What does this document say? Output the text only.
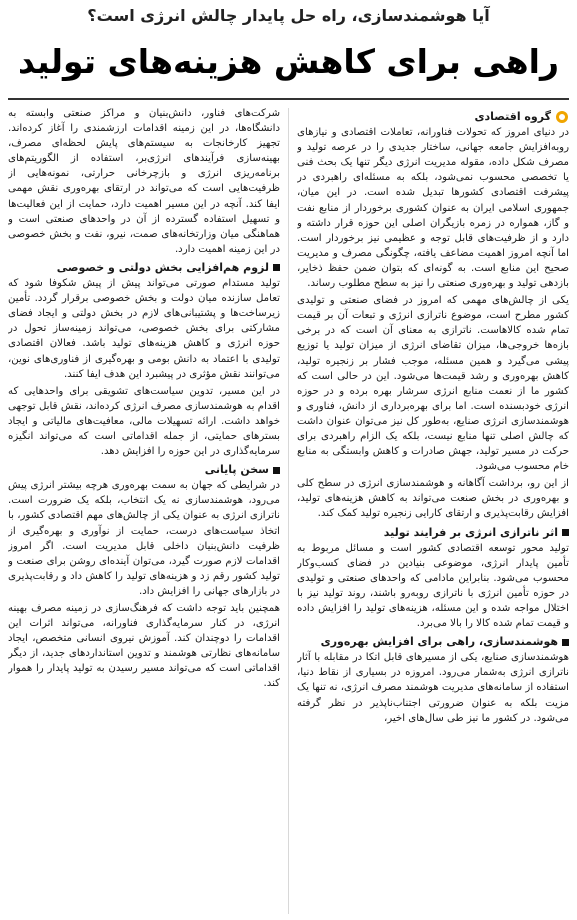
آیا هوشمندسازی، راه حل پایدار چالش انرژی است؟
راهی برای کاهش هزینه‌های تولید
گروه اقتصادی

در دنیای امروز که تحولات فناورانه، تعاملات اقتصادی و نیازهای روبه‌افزایش جامعه جهانی، ساختار جدیدی را در عرصه تولید و مصرف شکل داده، مقوله مدیریت انرژی دیگر تنها یک بحث فنی یا تخصصی محسوب نمی‌شود، بلکه به مسئله‌ای راهبردی در پیشرفت اقتصادی کشورها تبدیل شده است. در این میان، جمهوری اسلامی ایران به عنوان کشوری برخوردار از منابع نفت و گاز، همواره در زمره بازیگران اصلی این حوزه قرار داشته و دارد و از ظرفیت‌های قابل توجه و عظیمی نیز برخوردار است. اما آنچه امروز اهمیت مضاعف یافته، چگونگی مصرف و مدیریت صحیح این منابع است. به گونه‌ای که بتوان ضمن حفظ ذخایر، بازدهی تولید و بهره‌وری صنعتی را نیز به سطح مطلوب رساند.

یکی از چالش‌های مهمی که امروز در فضای صنعتی و تولیدی کشور مطرح است، موضوع ناترازی انرژی و تبعات آن بر قیمت تمام شده کالاهاست. ناترازی به معنای آن است که در برخی بازه‌ها خروجی‌ها، میزان تقاضای انرژی از میزان تولید یا توزیع پیشی می‌گیرد و همین مسئله، موجب فشار بر زنجیره تولید، کاهش بهره‌وری و رشد قیمت‌ها می‌شود. این در حالی است که کشور ما از نعمت منابع انرژی سرشار بهره برده و در حوزه انرژی خودبسنده است. اما برای بهره‌برداری از دانش، فناوری و هوشمندسازی انرژی صنایع، به‌طور کل نیز می‌توان عنوان داشت که چالش اصلی تنها منابع نیست، بلکه یک الزام راهبردی برای حرکت در مسیر تولید، جهش صادرات و کاهش وابستگی به منابع خام محسوب می‌شود.

از این رو، برداشت آگاهانه و هوشمندسازی انرژی در سطح کلی و بهره‌وری در بخش صنعت می‌تواند به کاهش هزینه‌های تولید، افزایش رقابت‌پذیری و ارتقای کارایی زنجیره تولید کمک کند.

اثر ناترازی انرژی بر فرایند تولید

تولید محور توسعه اقتصادی کشور است و مسائل مربوط به تأمین پایدار انرژی، موضوعی بنیادین در فضای کسب‌وکار محسوب می‌شود. بنابراین مادامی که واحدهای صنعتی و تولیدی در حوزه تأمین انرژی با ناترازی روبه‌رو باشند، روند تولید نیز با اختلال مواجه شده و این مسئله، هزینه‌های تولید را افزایش داده و قیمت تمام شده کالا را بالا می‌برد.

هوشمندسازی، راهی برای افزایش بهره‌وری

هوشمندسازی صنایع، یکی از مسیرهای قابل اتکا در مقابله با آثار ناترازی انرژی به‌شمار می‌رود. امروزه در بسیاری از نقاط دنیا، استفاده از سامانه‌های مدیریت هوشمند مصرف انرژی، نه تنها یک مزیت بلکه به عنوان ضرورتی اجتناب‌ناپذیر در نظر گرفته می‌شود. در کشور ما نیز طی سال‌های اخیر،

شرکت‌های فناور، دانش‌بنیان و مراکز صنعتی وابسته به دانشگاه‌ها، در این زمینه اقدامات ارزشمندی را آغاز کرده‌اند. تجهیز کارخانجات به سیستم‌های پایش لحظه‌ای مصرف، بهینه‌سازی فرآیندهای انرژی‌بر، استفاده از الگوریتم‌های برنامه‌ریزی انرژی و بازچرخانی حرارتی، نمونه‌هایی از ظرفیت‌هایی است که می‌تواند در ارتقای بهره‌وری نقش مهمی ایفا کند. آنچه در این مسیر اهمیت دارد، حمایت از این فعالیت‌ها و تسهیل استفاده گسترده از آن در واحدهای صنعتی است و هماهنگی میان وزارتخانه‌های صمت، نیرو، نفت و بخش خصوصی در این زمینه اهمیت دارد.

لزوم هم‌افزایی بخش دولتی و خصوصی

تولید مستدام صورتی می‌تواند پیش از پیش شکوفا شود که تعامل سازنده میان دولت و بخش خصوصی برقرار گردد. تأمین زیرساخت‌ها و پشتیبانی‌های لازم در بخش دولتی و ایجاد فضای مشارکتی برای بخش خصوصی، می‌تواند زمینه‌ساز تحول در حوزه انرژی و کاهش هزینه‌های تولید باشد. فعالان اقتصادی تولیدی با اعتماد به دانش بومی و بهره‌گیری از فناوری‌های نوین، می‌توانند نقش مؤثری در پیشبرد این هدف ایفا کنند.

در این مسیر، تدوین سیاست‌های تشویقی برای واحدهایی که اقدام به هوشمندسازی مصرف انرژی کرده‌اند، نقش قابل توجهی خواهد داشت. ارائه تسهیلات مالی، معافیت‌های مالیاتی و ایجاد بسترهای حمایتی، از جمله اقداماتی است که می‌تواند انگیزه سرمایه‌گذاری در این حوزه را افزایش دهد.

سخن پایانی

در شرایطی که جهان به سمت بهره‌وری هرچه بیشتر انرژی پیش می‌رود، هوشمندسازی نه یک انتخاب، بلکه یک ضرورت است. ناترازی انرژی به عنوان یکی از چالش‌های مهم اقتصادی کشور، با اتخاذ سیاست‌های درست، حمایت از نوآوری و بهره‌گیری از ظرفیت دانش‌بنیان داخلی قابل مدیریت است. اگر امروز اقدامات لازم صورت گیرد، می‌توان آینده‌ای روشن برای صنعت و تولید کشور رقم زد و هزینه‌های تولید را کاهش داد و رقابت‌پذیری در بازارهای جهانی را افزایش داد.

همچنین باید توجه داشت که فرهنگ‌سازی در زمینه مصرف بهینه انرژی، در کنار سرمایه‌گذاری فناورانه، می‌تواند اثرات این اقدامات را دوچندان کند. آموزش نیروی انسانی متخصص، ایجاد سامانه‌های نظارتی هوشمند و تدوین استانداردهای جدید، از دیگر اقداماتی است که می‌تواند مسیر رسیدن به تولید پایدار را هموار کند.
